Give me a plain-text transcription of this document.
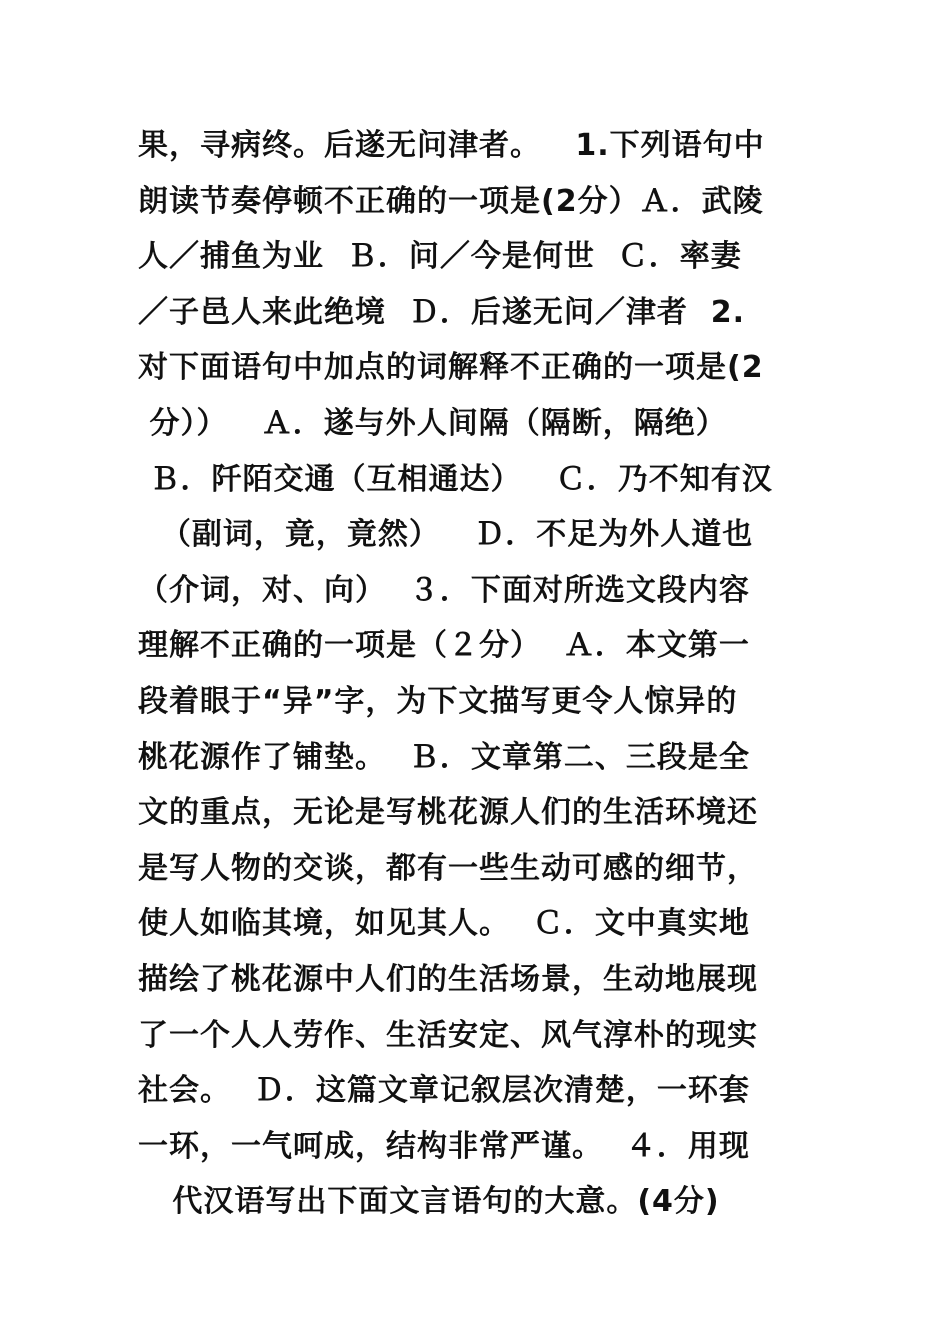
果，寻病终。后遂无问津者。   1.下列语句中
朗读节奏停顿不正确的一项是(2分）Ａ．武陵
人／捕鱼为业  Ｂ．问／今是何世  Ｃ．率妻
／子邑人来此绝境  Ｄ．后遂无问／津者  2.
对下面语句中加点的词解释不正确的一项是(2
分））   Ａ．遂与外人间隔（隔断，隔绝）
Ｂ．阡陌交通（互相通达）   Ｃ．乃不知有汉
（副词，竟，竟然）   Ｄ．不足为外人道也
（介词，对、向）  ３．下面对所选文段内容
理解不正确的一项是（２分）  Ａ．本文第一
段着眼于“异”字，为下文描写更令人惊异的
桃花源作了铺垫。  Ｂ．文章第二、三段是全
文的重点，无论是写桃花源人们的生活环境还
是写人物的交谈，都有一些生动可感的细节，
使人如临其境，如见其人。  Ｃ．文中真实地
描绘了桃花源中人们的生活场景，生动地展现
了一个人人劳作、生活安定、风气淳朴的现实
社会。  Ｄ．这篇文章记叙层次清楚，一环套
一环，一气呵成，结构非常严谨。  ４．用现
代汉语写出下面文言语句的大意。(4分)
